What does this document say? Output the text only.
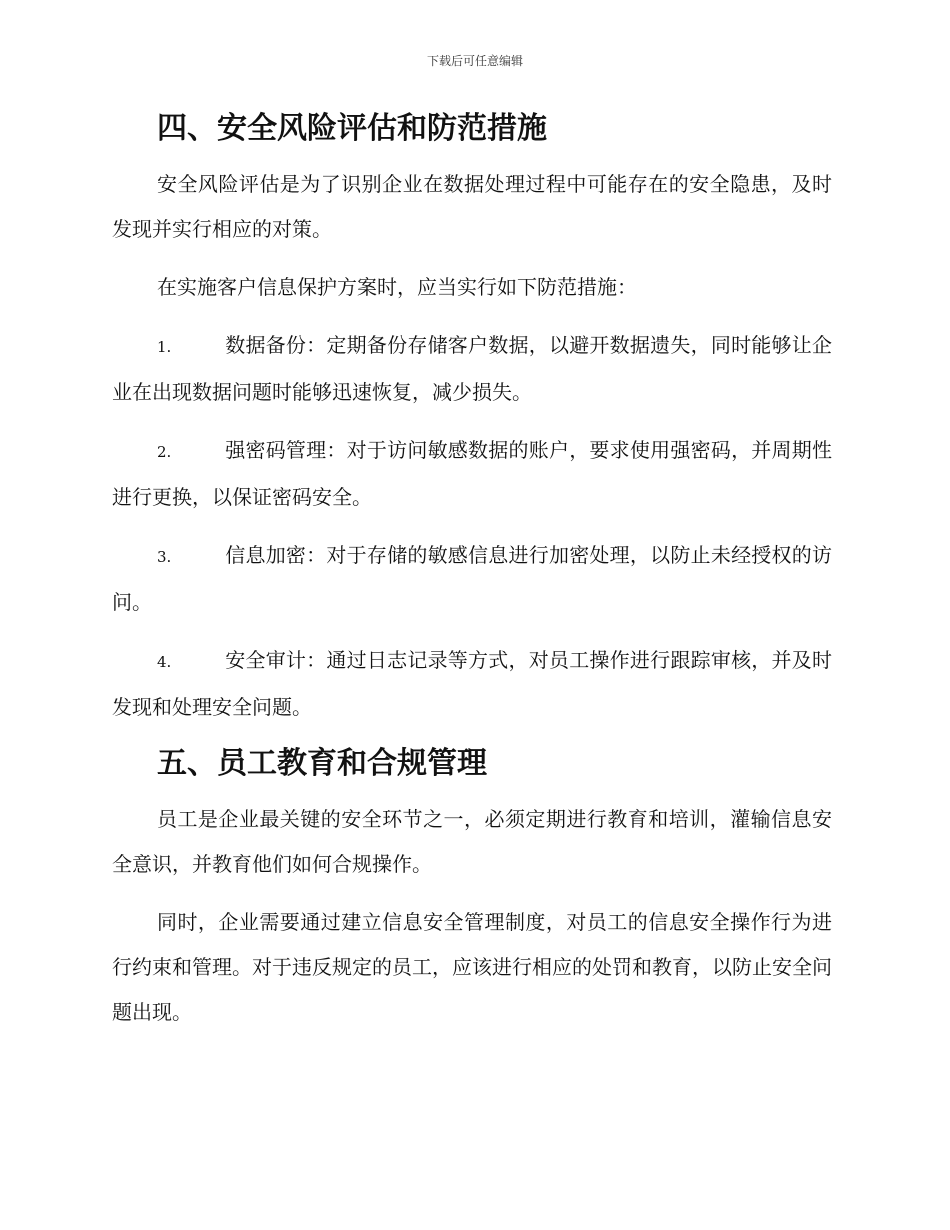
下载后可任意编辑
四、安全风险评估和防范措施

安全风险评估是为了识别企业在数据处理过程中可能存在的安全隐患，及时发现并实行相应的对策。

在实施客户信息保护方案时，应当实行如下防范措施：

1.	数据备份：定期备份存储客户数据，以避开数据遗失，同时能够让企业在出现数据问题时能够迅速恢复，减少损失。

2.	强密码管理：对于访问敏感数据的账户，要求使用强密码，并周期性进行更换，以保证密码安全。

3.	信息加密：对于存储的敏感信息进行加密处理，以防止未经授权的访问。

4.	安全审计：通过日志记录等方式，对员工操作进行跟踪审核，并及时发现和处理安全问题。

五、员工教育和合规管理

员工是企业最关键的安全环节之一，必须定期进行教育和培训，灌输信息安全意识，并教育他们如何合规操作。

同时，企业需要通过建立信息安全管理制度，对员工的信息安全操作行为进行约束和管理。对于违反规定的员工，应该进行相应的处罚和教育，以防止安全问题出现。
